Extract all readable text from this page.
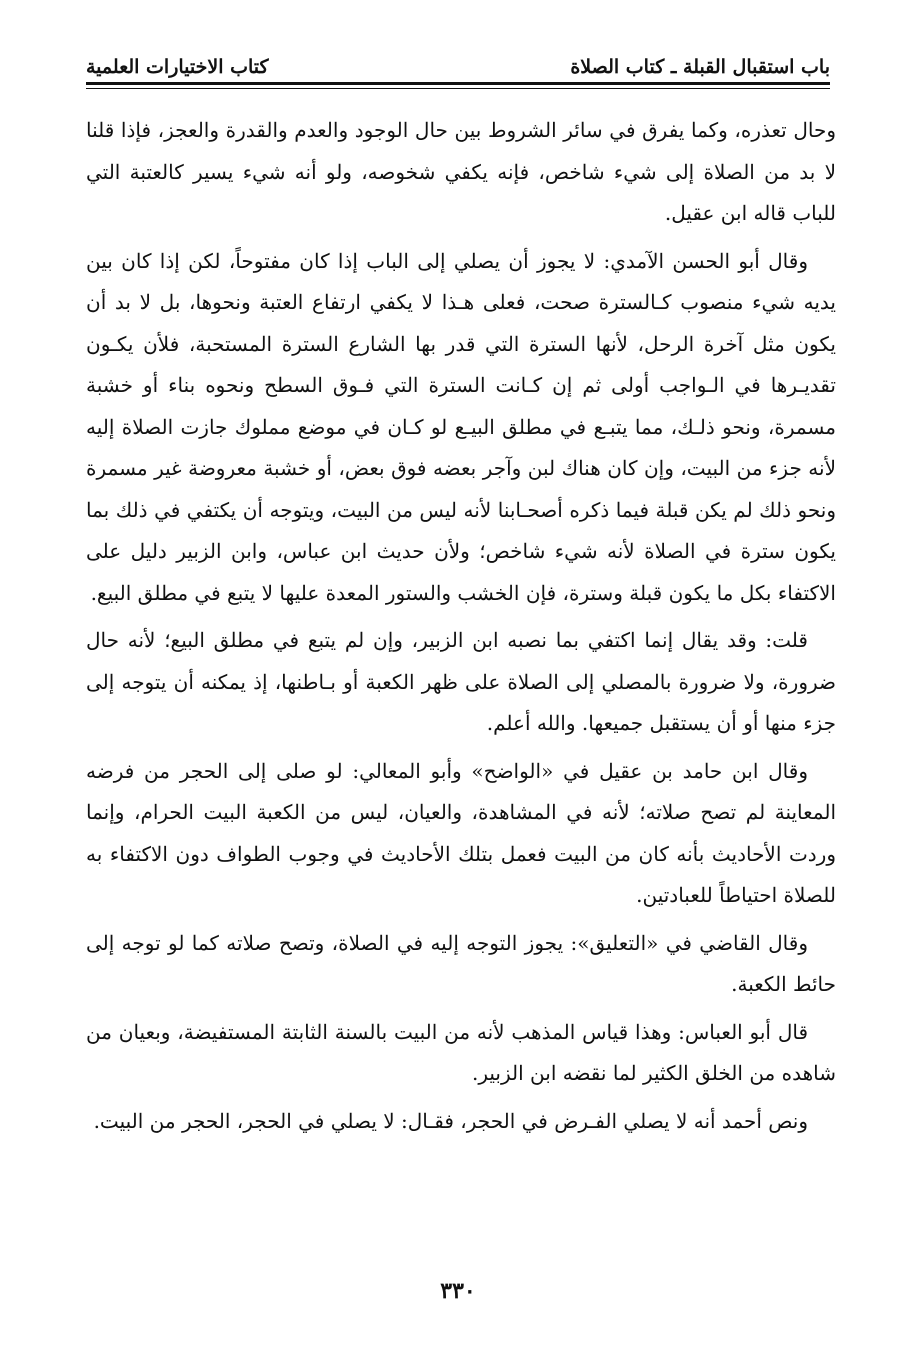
باب استقبال القبلة ـ كتاب الصلاة
كتاب الاختيارات العلمية

وحال تعذره، وكما يفرق في سائر الشروط بين حال الوجود والعدم والقدرة والعجز، فإذا قلنا لا بد من الصلاة إلى شيء شاخص، فإنه يكفي شخوصه، ولو أنه شيء يسير كالعتبة التي للباب قاله ابن عقيل.

وقال أبو الحسن الآمدي: لا يجوز أن يصلي إلى الباب إذا كان مفتوحاً، لكن إذا كان بين يديه شيء منصوب كـالسترة صحت، فعلى هـذا لا يكفي ارتفاع العتبة ونحوها، بل لا بد أن يكون مثل آخرة الرحل، لأنها السترة التي قدر بها الشارع السترة المستحبة، فلأن يكـون تقديـرها في الـواجب أولى ثم إن كـانت السترة التي فـوق السطح ونحوه بناء أو خشبة مسمرة، ونحو ذلـك، مما يتبـع في مطلق البيـع لو كـان في موضع مملوك جازت الصلاة إليه لأنه جزء من البيت، وإن كان هناك لبن وآجر بعضه فوق بعض، أو خشبة معروضة غير مسمرة ونحو ذلك لم يكن قبلة فيما ذكره أصحـابنا لأنه ليس من البيت، ويتوجه أن يكتفي في ذلك بما يكون سترة في الصلاة لأنه شيء شاخص؛ ولأن حديث ابن عباس، وابن الزبير دليل على الاكتفاء بكل ما يكون قبلة وسترة، فإن الخشب والستور المعدة عليها لا يتبع في مطلق البيع.

قلت: وقد يقال إنما اكتفي بما نصبه ابن الزبير، وإن لم يتبع في مطلق البيع؛ لأنه حال ضرورة، ولا ضرورة بالمصلي إلى الصلاة على ظهر الكعبة أو بـاطنها، إذ يمكنه أن يتوجه إلى جزء منها أو أن يستقبل جميعها. والله أعلم.

وقال ابن حامد بن عقيل في «الواضح» وأبو المعالي: لو صلى إلى الحجر من فرضه المعاينة لم تصح صلاته؛ لأنه في المشاهدة، والعيان، ليس من الكعبة البيت الحرام، وإنما وردت الأحاديث بأنه كان من البيت فعمل بتلك الأحاديث في وجوب الطواف دون الاكتفاء به للصلاة احتياطاً للعبادتين.

وقال القاضي في «التعليق»: يجوز التوجه إليه في الصلاة، وتصح صلاته كما لو توجه إلى حائط الكعبة.

قال أبو العباس: وهذا قياس المذهب لأنه من البيت بالسنة الثابتة المستفيضة، وبعيان من شاهده من الخلق الكثير لما نقضه ابن الزبير.

ونص أحمد أنه لا يصلي الفـرض في الحجر، فقـال: لا يصلي في الحجر، الحجر من البيت.

٣٣٠
